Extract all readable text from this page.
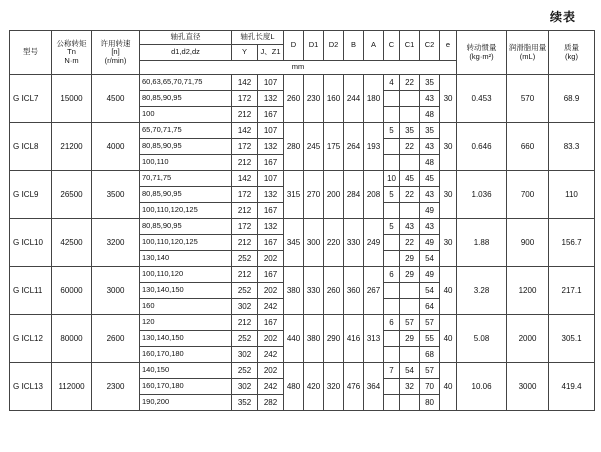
续表
型号	公称转矩
Tn
N·m	许用转速
[n]
(r/min)	轴孔直径	轴孔长度L		D	D1	D2	B	A	C	C1	C2	e	转动惯量
(kg·m²)	润滑脂用量
(mL)	质量
(kg)
			d1,d2,dz	Y	J、Z1												
			mm														
G ⅠCL7	15000	4500	60,63,65,70,71,75	142	107	260	230	160	244	180	4	22	35	30	0.453	570	68.9
			80,85,90,95	172	132								43				
			100	212	167								48				
G ⅠCL8	21200	4000	65,70,71,75	142	107	280	245	175	264	193	5	35	35	30	0.646	660	83.3
			80,85,90,95	172	132							22	43				
			100,110	212	167								48				
G ⅠCL9	26500	3500	70,71,75	142	107	315	270	200	284	208	10	45	45	30	1.036	700	110
			80,85,90,95	172	132						5	22	43				
			100,110,120,125	212	167								49				
G ⅠCL10	42500	3200	80,85,90,95	172	132	345	300	220	330	249	5	43	43	30	1.88	900	156.7
			100,110,120,125	212	167							22	49				
			130,140	252	202							29	54				
G ⅠCL11	60000	3000	100,110,120	212	167	380	330	260	360	267	6	29	49	40	3.28	1200	217.1
			130,140,150	252	202								54				
			160	302	242								64				
G ⅠCL12	80000	2600	120	212	167	440	380	290	416	313	6	57	57	40	5.08	2000	305.1
			130,140,150	252	202							29	55				
			160,170,180	302	242								68				
G ⅠCL13	112000	2300	140,150	252	202	480	420	320	476	364	7	54	57	40	10.06	3000	419.4
			160,170,180	302	242							32	70				
			190,200	352	282								80				
